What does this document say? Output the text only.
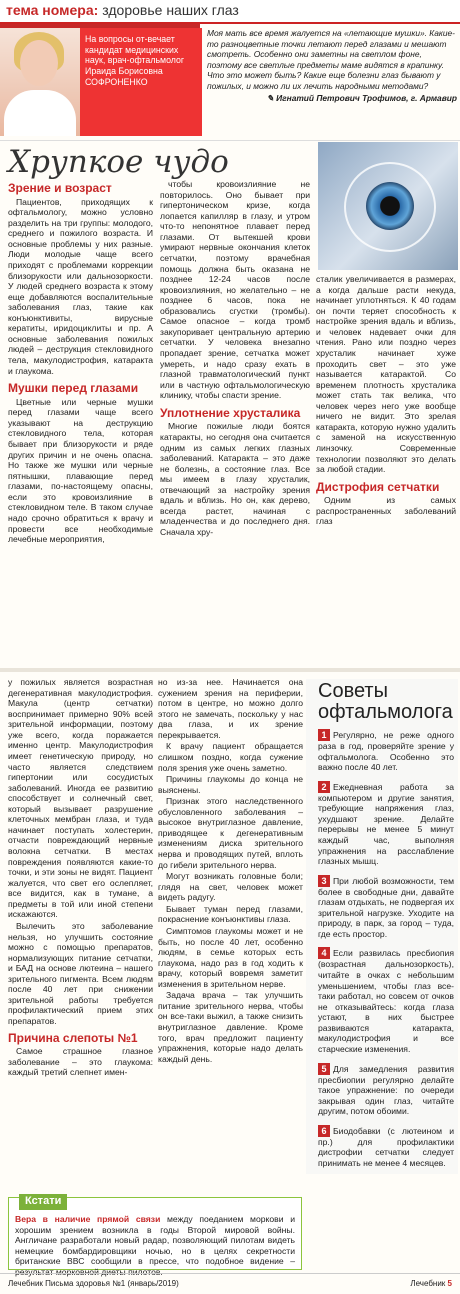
тема номера: здоровье наших глаз
На вопросы от-вечает кандидат медицинских наук, врач-офтальмолог Ираида Борисовна СОФРОНЕНКО
Моя мать все время жалуется на «летающие мушки». Какие-то разноцветные точки летают перед глазами и мешают смотреть. Особенно они заметны на светлом фоне, поэтому все светлые предметы маме видятся в крапинку. Что это может быть? Какие еще болезни глаз бывают у пожилых, и можно ли их лечить народными методами?
✎ Игнатий Петрович Трофимов, г. Армавир
Хрупкое чудо
Зрение и возраст
Пациентов, приходящих к офтальмологу, можно условно разделить на три группы: молодого, среднего и пожилого возраста. И основные проблемы у них разные. Люди молодые чаще всего приходят с проблемами коррекции близорукости или дальнозоркости. У людей среднего возраста к этому еще добавляются воспалительные заболевания глаз, такие как конъюнктивиты, вирусные кератиты, иридоциклиты и пр. А основные заболевания пожилых людей – деструкция стекловидного тела, макулодистрофия, катаракта и глаукома.
Мушки перед глазами
Цветные или черные мушки перед глазами чаще всего указывают на деструкцию стекловидного тела, которая бывает при близорукости и ряде других причин и не очень опасна. Но также же мушки или черные пятнышки, плавающие перед глазами, по-настоящему опасны, если это кровоизлияние в стекловидном теле. В таком случае надо срочно обратиться к врачу и провести все необходимые лечебные мероприятия,
чтобы кровоизлияние не повторилось. Оно бывает при гипертоническом кризе, когда лопается капилляр в глазу, и утром что-то непонятное плавает перед глазами. От вытекшей крови умирают нервные окончания клеток сетчатки, поэтому врачебная помощь должна быть оказана не позднее 12-24 часов после кровоизлияния, но желательно – не позднее 6 часов, пока не образовались сгустки (тромбы). Самое опасное – когда тромб закупоривает центральную артерию сетчатки. У человека внезапно пропадает зрение, сетчатка может умереть, и надо сразу ехать в глазной травматологический пункт или в частную офтальмологическую клинику, чтобы спасти зрение.
Уплотнение хрусталика
Многие пожилые люди боятся катаракты, но сегодня она считается одним из самых легких глазных заболеваний. Катаракта – это даже не болезнь, а состояние глаз. Все мы имеем в глазу хрусталик, отвечающий за настройку зрения вдаль и вблизь. Но он, как дерево, всегда растет, начиная с младенчества и до последнего дня. Сначала хру-
сталик увеличивается в размерах, а когда дальше расти некуда, начинает уплотняться. К 40 годам он почти теряет способность к настройке зрения вдаль и вблизь, и человек надевает очки для чтения. Рано или поздно через хрусталик начинает хуже проходить свет – это уже называется катарактой. Со временем плотность хрусталика может стать так велика, что человек через него уже вообще ничего не видит. Это зрелая катаракта, которую нужно удалить с заменой на искусственную линзочку. Современные технологии позволяют это делать за любой стадии.
Дистрофия сетчатки
Одним из самых распространенных заболеваний глаз
у пожилых является возрастная дегенеративная макулодистрофия. Макула (центр сетчатки) воспринимает примерно 90% всей зрительной информации, поэтому уже всего, когда поражается именно центр. Макулодистрофия имеет генетическую природу, но часто является следствием гипертонии или сосудистых заболеваний. Иногда ее развитию способствует и солнечный свет, который вызывает разрушение клеточных мембран глаза, и туда начинает поступать холестерин, отчасти повреждающий нервные волокна сетчатки. В местах повреждения появляются какие-то точки, и эти зоны не видят. Пациент жалуется, что свет его ослепляет, все видится, как в тумане, а предметы в той или иной степени искажаются.
Вылечить это заболевание нельзя, но улучшить состояние можно с помощью препаратов, нормализующих питание сетчатки, и БАД на основе лютеина – нашего зрительного пигмента. Всем людям после 40 лет при снижении зрительной работы требуется профилактический прием этих препаратов.
Причина слепоты №1
Самое страшное глазное заболевание – это глаукома: каждый третий слепнет имен-
но из-за нее. Начинается она сужением зрения на периферии, потом в центре, но можно долго этого не замечать, поскольку у нас два глаза, и их зрение перекрывается.
К врачу пациент обращается слишком поздно, когда сужение поля зрения уже очень заметно.
Причины глаукомы до конца не выяснены.
Признак этого наследственного обусловленного заболевания – высокое внутриглазное давление, приводящее к дегенеративным изменениям диска зрительного нерва и проводящих путей, вплоть до гибели зрительного нерва.
Могут возникать головные боли; глядя на свет, человек может видеть радугу.
Бывает туман перед глазами, покраснение конъюнктивы глаза.
Симптомов глаукомы может и не быть, но после 40 лет, особенно людям, в семье которых есть глаукома, надо раз в год ходить к врачу, который вовремя заметит изменения в зрительном нерве.
Задача врача – так улучшить питание зрительного нерва, чтобы он все-таки выжил, а также снизить внутриглазное давление. Кроме того, врач предложит пациенту упражнения, которые надо делать каждый день.
Советы офтальмолога
1 Регулярно, не реже одного раза в год, проверяйте зрение у офтальмолога. Особенно это важно после 40 лет.
2 Ежедневная работа за компьютером и другие занятия, требующие напряжения глаз, ухудшают зрение. Делайте перерывы не менее 5 минут каждый час, выполняя упражнения на расслабление глазных мышц.
3 При любой возможности, тем более в свободные дни, давайте глазам отдыхать, не подвергая их зрительной нагрузке. Уходите на природу, в парк, за город – туда, где есть простор.
4 Если развилась пресбиопия (возрастная дальнозоркость), читайте в очках с небольшим уменьшением, чтобы глаз все-таки работал, но совсем от очков не отказывайтесь: когда глаза устают, в них быстрее развиваются катаракта, макулодистрофия и все старческие изменения.
5 Для замедления развития пресбиопии регулярно делайте такое упражнение: по очереди закрывая один глаз, читайте другим, потом обоими.
6 Биодобавки (с лютеином и пр.) для профилактики дистрофии сетчатки следует принимать не менее 4 месяцев.
Кстати
Вера в наличие прямой связи между поеданием моркови и хорошим зрением возникла в годы Второй мировой войны. Англичане разработали новый радар, позволяющий пилотам видеть немецкие бомбардировщики ночью, но в целях секретности британские ВВС сообщили в прессе, что подобное видение – результат морковной диеты пилотов.
Лечебник Письма здоровья №1 (январь/2019)	Лечебник 5
